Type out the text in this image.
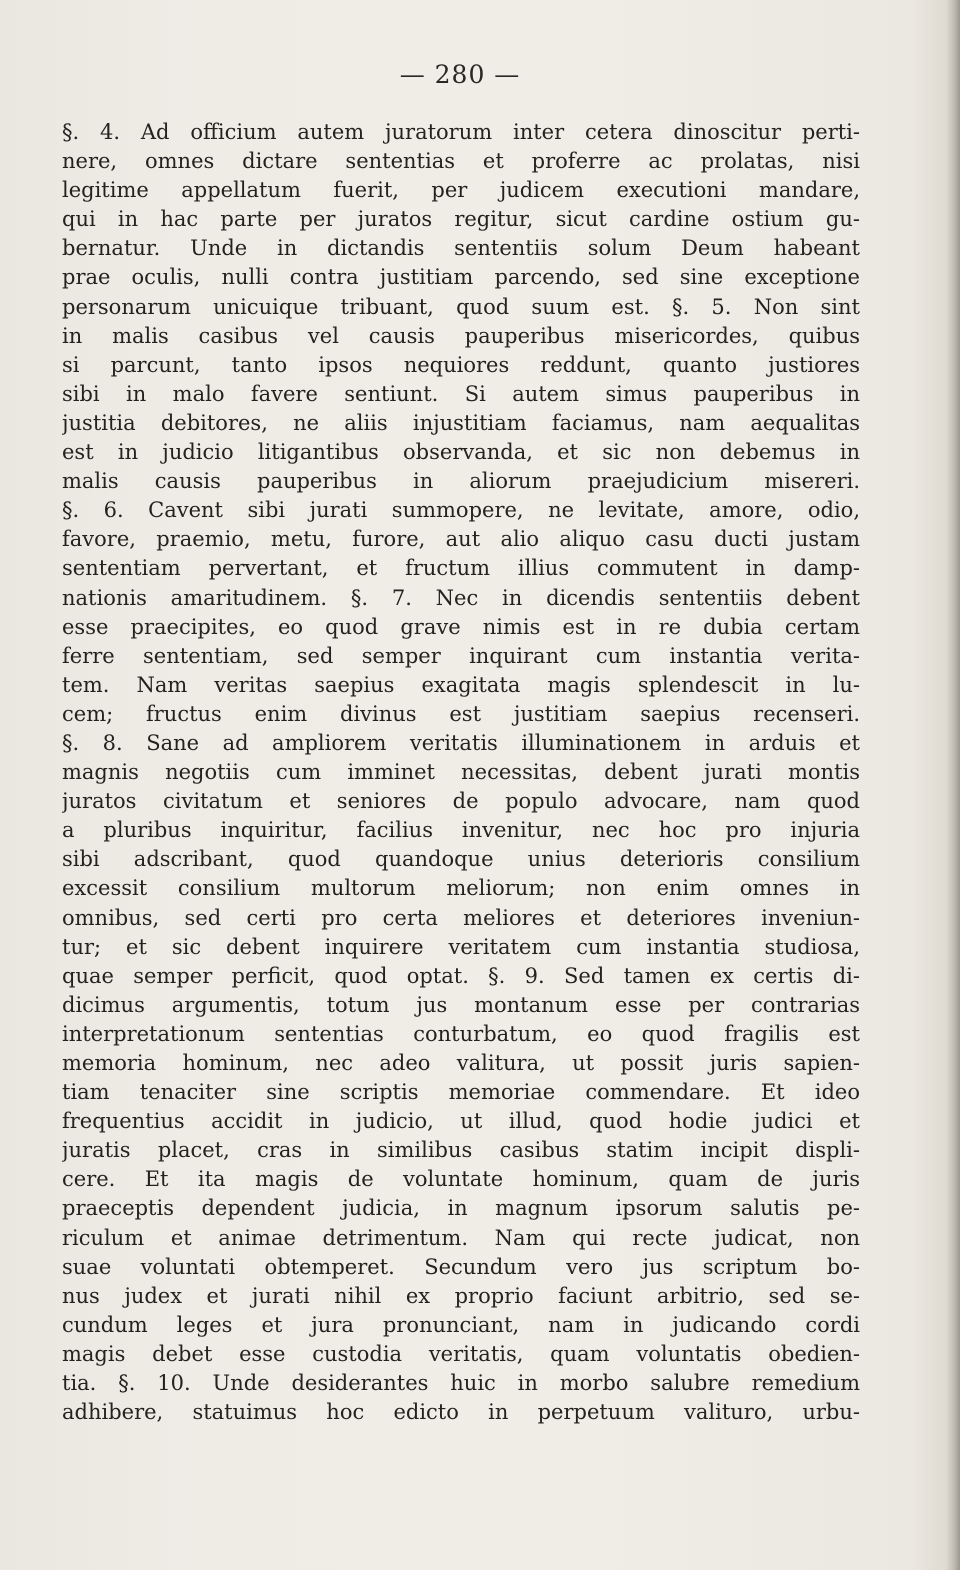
— 280 —

§. 4. Ad officium autem juratorum inter cetera dinoscitur perti-
nere, omnes dictare sententias et proferre ac prolatas, nisi
legitime appellatum fuerit, per judicem executioni mandare,
qui in hac parte per juratos regitur, sicut cardine ostium gu-
bernatur. Unde in dictandis sententiis solum Deum habeant
prae oculis, nulli contra justitiam parcendo, sed sine exceptione
personarum unicuique tribuant, quod suum est. §. 5. Non sint
in malis casibus vel causis pauperibus misericordes, quibus
si parcunt, tanto ipsos nequiores reddunt, quanto justiores
sibi in malo favere sentiunt. Si autem simus pauperibus in
justitia debitores, ne aliis injustitiam faciamus, nam aequalitas
est in judicio litigantibus observanda, et sic non debemus in
malis causis pauperibus in aliorum praejudicium misereri.
§. 6. Cavent sibi jurati summopere, ne levitate, amore, odio,
favore, praemio, metu, furore, aut alio aliquo casu ducti justam
sententiam pervertant, et fructum illius commutent in damp-
nationis amaritudinem. §. 7. Nec in dicendis sententiis debent
esse praecipites, eo quod grave nimis est in re dubia certam
ferre sententiam, sed semper inquirant cum instantia verita-
tem. Nam veritas saepius exagitata magis splendescit in lu-
cem; fructus enim divinus est justitiam saepius recenseri.
§. 8. Sane ad ampliorem veritatis illuminationem in arduis et
magnis negotiis cum imminet necessitas, debent jurati montis
juratos civitatum et seniores de populo advocare, nam quod
a pluribus inquiritur, facilius invenitur, nec hoc pro injuria
sibi adscribant, quod quandoque unius deterioris consilium
excessit consilium multorum meliorum; non enim omnes in
omnibus, sed certi pro certa meliores et deteriores inveniun-
tur; et sic debent inquirere veritatem cum instantia studiosa,
quae semper perficit, quod optat. §. 9. Sed tamen ex certis di-
dicimus argumentis, totum jus montanum esse per contrarias
interpretationum sententias conturbatum, eo quod fragilis est
memoria hominum, nec adeo valitura, ut possit juris sapien-
tiam tenaciter sine scriptis memoriae commendare. Et ideo
frequentius accidit in judicio, ut illud, quod hodie judici et
juratis placet, cras in similibus casibus statim incipit displi-
cere. Et ita magis de voluntate hominum, quam de juris
praeceptis dependent judicia, in magnum ipsorum salutis pe-
riculum et animae detrimentum. Nam qui recte judicat, non
suae voluntati obtemperet. Secundum vero jus scriptum bo-
nus judex et jurati nihil ex proprio faciunt arbitrio, sed se-
cundum leges et jura pronunciant, nam in judicando cordi
magis debet esse custodia veritatis, quam voluntatis obedien-
tia. §. 10. Unde desiderantes huic in morbo salubre remedium
adhibere, statuimus hoc edicto in perpetuum valituro, urbu-
